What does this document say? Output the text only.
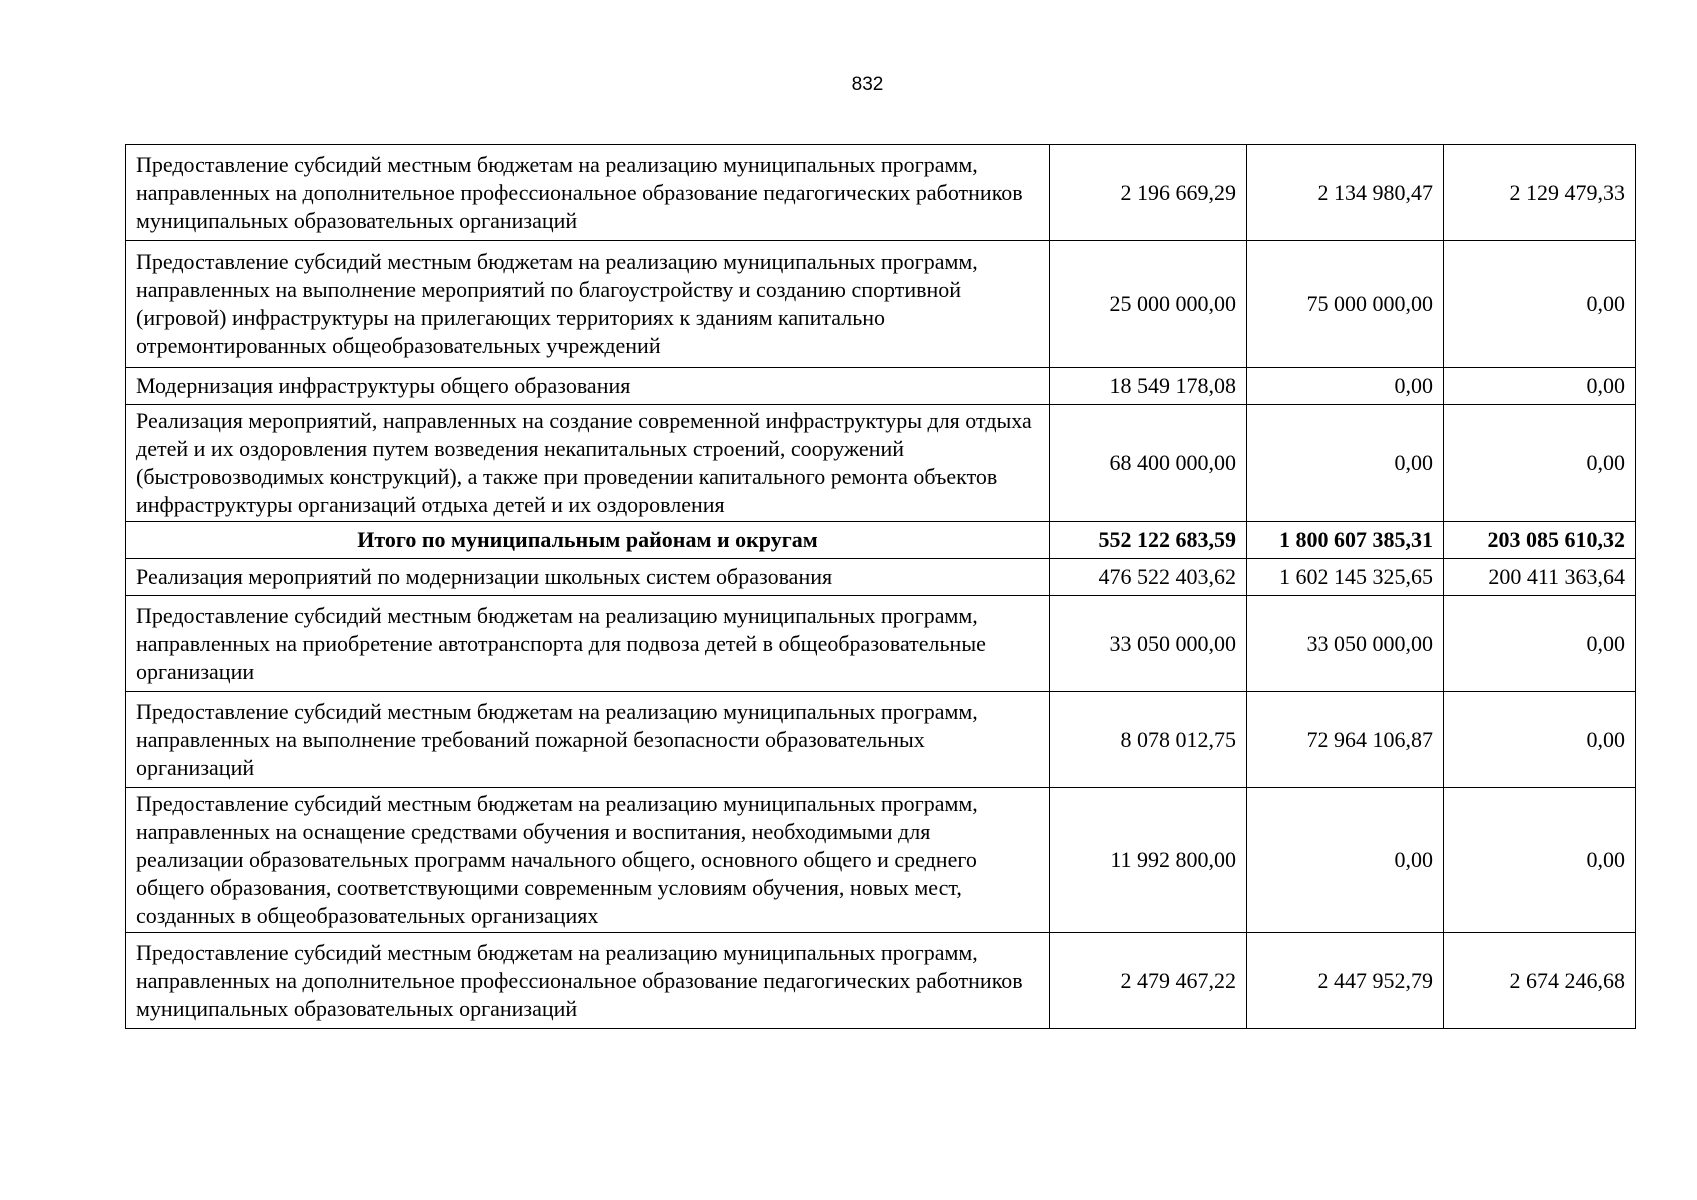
832
Предоставление субсидий местным бюджетам на реализацию муниципальных программ, направленных на дополнительное профессиональное образование педагогических работников муниципальных образовательных организаций	2 196 669,29	2 134 980,47	2 129 479,33
Предоставление субсидий местным бюджетам на реализацию муниципальных программ, направленных на выполнение мероприятий по благоустройству и созданию спортивной (игровой) инфраструктуры на прилегающих территориях к зданиям капитально отремонтированных общеобразовательных учреждений	25 000 000,00	75 000 000,00	0,00
Модернизация инфраструктуры общего образования	18 549 178,08	0,00	0,00
Реализация мероприятий, направленных на создание современной инфраструктуры для отдыха детей и их оздоровления путем возведения некапитальных строений, сооружений (быстровозводимых конструкций), а также при проведении капитального ремонта объектов инфраструктуры организаций отдыха детей и их оздоровления	68 400 000,00	0,00	0,00
Итого по муниципальным районам и округам	552 122 683,59	1 800 607 385,31	203 085 610,32
Реализация мероприятий по модернизации школьных систем образования	476 522 403,62	1 602 145 325,65	200 411 363,64
Предоставление субсидий местным бюджетам на реализацию муниципальных программ, направленных на приобретение автотранспорта для подвоза детей в общеобразовательные организации	33 050 000,00	33 050 000,00	0,00
Предоставление субсидий местным бюджетам на реализацию муниципальных программ, направленных на выполнение требований пожарной безопасности образовательных организаций	8 078 012,75	72 964 106,87	0,00
Предоставление субсидий местным бюджетам на реализацию муниципальных программ, направленных на оснащение средствами обучения и воспитания, необходимыми для реализации образовательных программ начального общего, основного общего и среднего общего образования, соответствующими современным условиям обучения, новых мест, созданных в общеобразовательных организациях	11 992 800,00	0,00	0,00
Предоставление субсидий местным бюджетам на реализацию муниципальных программ, направленных на дополнительное профессиональное образование педагогических работников муниципальных образовательных организаций	2 479 467,22	2 447 952,79	2 674 246,68
